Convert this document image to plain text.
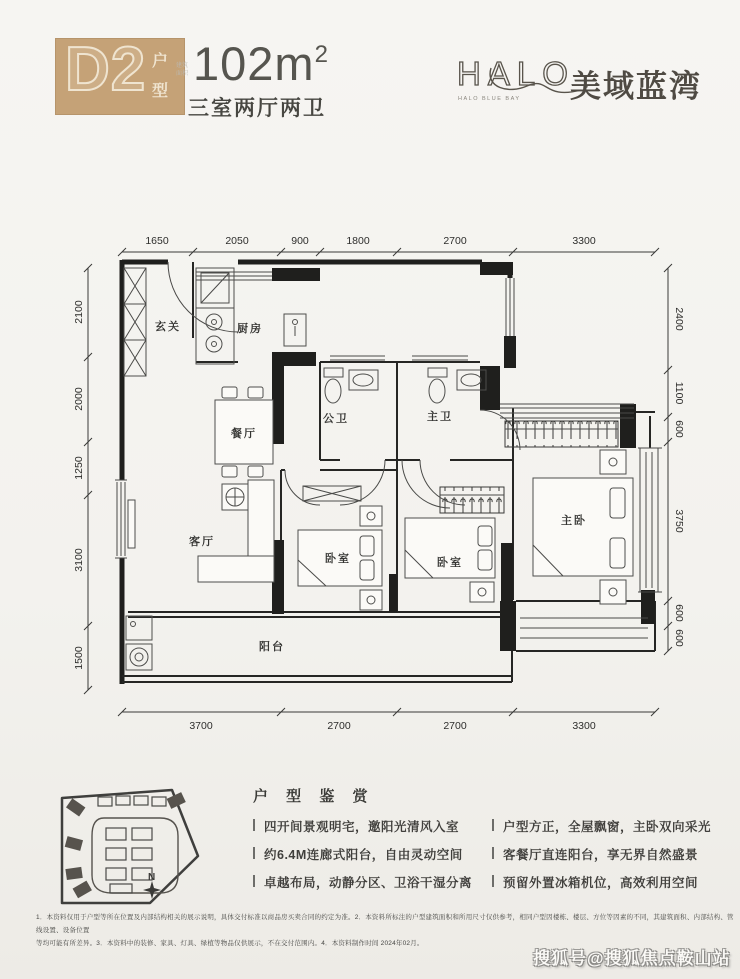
D2 户型
建筑面积 $102m^2$
三室两厅两卫
HALO
HALO BLUE BAY 美域蓝湾
1650	2050	900	1800	2700	3300
3700	2700	2700	3300
2100
2000
1250
3100
1500
2400
1100
600
3750
600
600
玄关	厨房
餐厅
公卫	主卫
客厅
卧室	卧室
主卧
阳台
N
户 型 鉴 赏
四开间景观明宅，邀阳光清风入室
约6.4M连廊式阳台，自由灵动空间
卓越布局，动静分区、卫浴干湿分离
户型方正，全屋飘窗，主卧双向采光
客餐厅直连阳台，享无界自然盛景
预留外置冰箱机位，高效利用空间
1．本资料仅用于户型等所在位置及内部结构相关的展示说明，具体交付标准以商品房买卖合同的约定为准。2．本资料所标注的户型建筑面积和所用尺寸仅供参考，相同户型因楼栋、楼层、方位等因素的不同，其建筑面积、内部结构、管线设置、设备位置
等均可能有所差异。3．本资料中的装修、家具、灯具、绿植等物品仅供展示，不在交付范围内。4．本资料制作时间 2024年02月。
搜狐号@搜狐焦点鞍山站
